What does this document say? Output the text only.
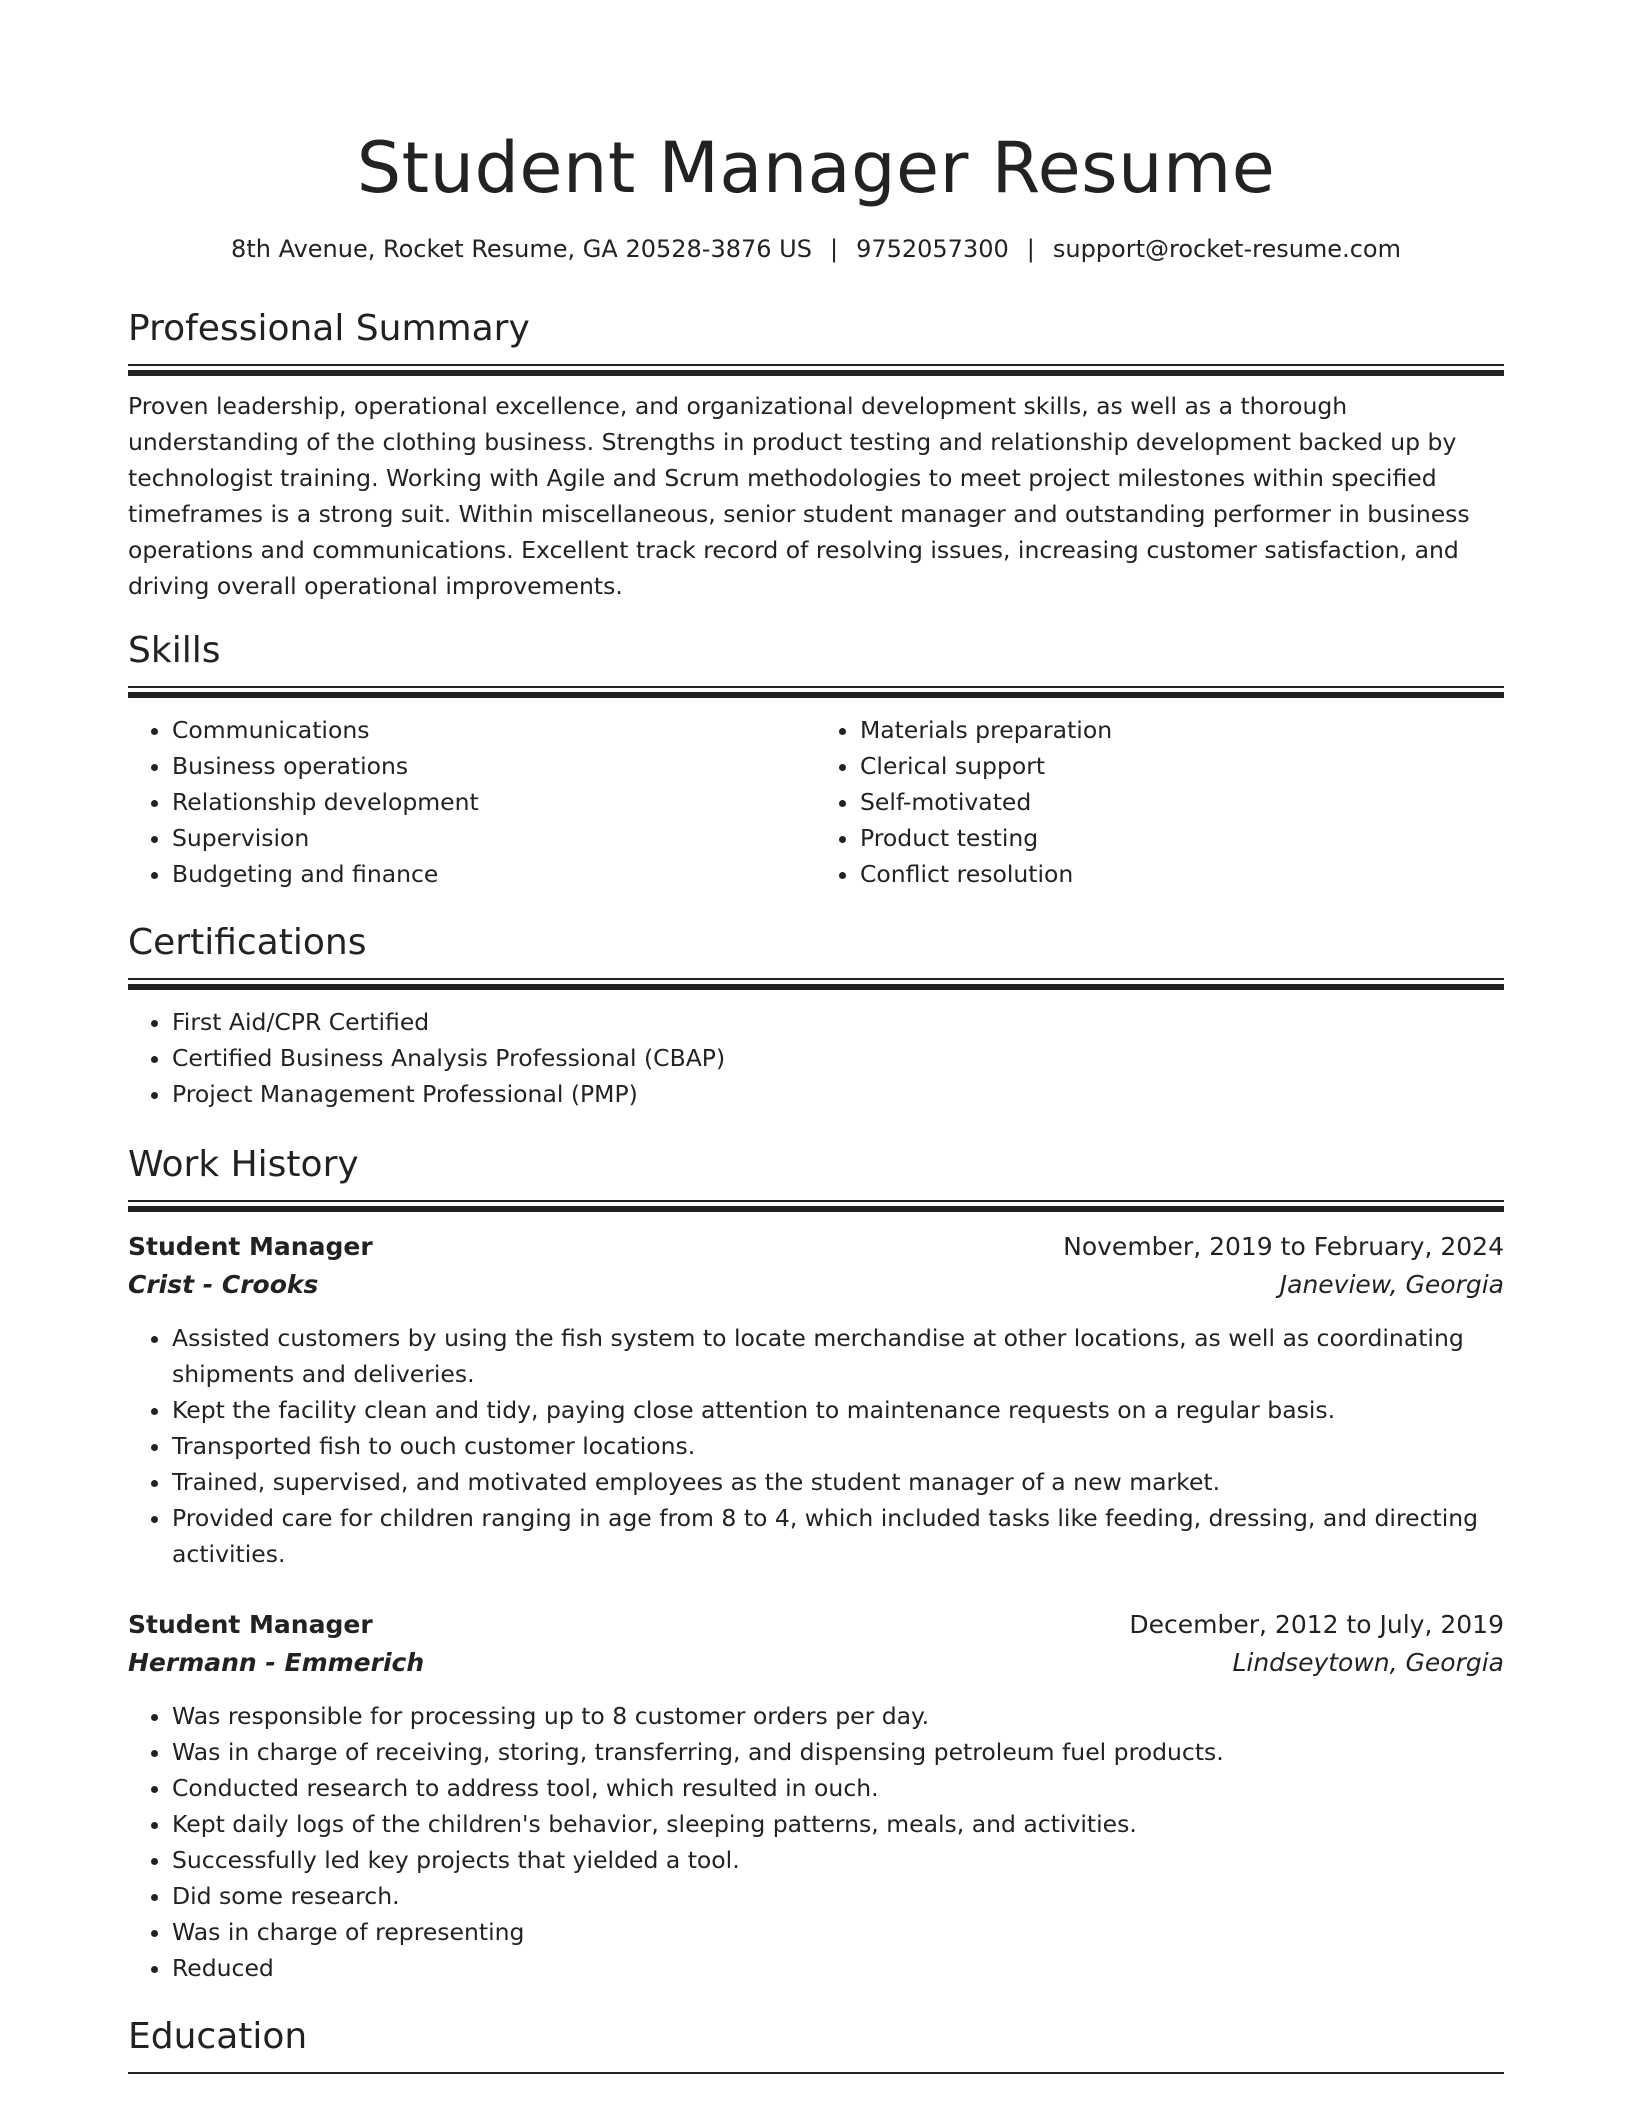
Student Manager Resume
8th Avenue, Rocket Resume, GA 20528-3876 US | 9752057300 | support@rocket-resume.com
Professional Summary

Proven leadership, operational excellence, and organizational development skills, as well as a thorough understanding of the clothing business. Strengths in product testing and relationship development backed up by technologist training. Working with Agile and Scrum methodologies to meet project milestones within specified timeframes is a strong suit. Within miscellaneous, senior student manager and outstanding performer in business operations and communications. Excellent track record of resolving issues, increasing customer satisfaction, and driving overall operational improvements.

Skills
• Communications
• Business operations
• Relationship development
• Supervision
• Budgeting and finance
• Materials preparation
• Clerical support
• Self-motivated
• Product testing
• Conflict resolution
Certifications
• First Aid/CPR Certified
• Certified Business Analysis Professional (CBAP)
• Project Management Professional (PMP)
Work History
Student Manager	November, 2019 to February, 2024
Crist - Crooks	Janeview, Georgia
• Assisted customers by using the fish system to locate merchandise at other locations, as well as coordinating shipments and deliveries.
• Kept the facility clean and tidy, paying close attention to maintenance requests on a regular basis.
• Transported fish to ouch customer locations.
• Trained, supervised, and motivated employees as the student manager of a new market.
• Provided care for children ranging in age from 8 to 4, which included tasks like feeding, dressing, and directing activities.
Student Manager	December, 2012 to July, 2019
Hermann - Emmerich	Lindseytown, Georgia
• Was responsible for processing up to 8 customer orders per day.
• Was in charge of receiving, storing, transferring, and dispensing petroleum fuel products.
• Conducted research to address tool, which resulted in ouch.
• Kept daily logs of the children's behavior, sleeping patterns, meals, and activities.
• Successfully led key projects that yielded a tool.
• Did some research.
• Was in charge of representing
• Reduced
Education
